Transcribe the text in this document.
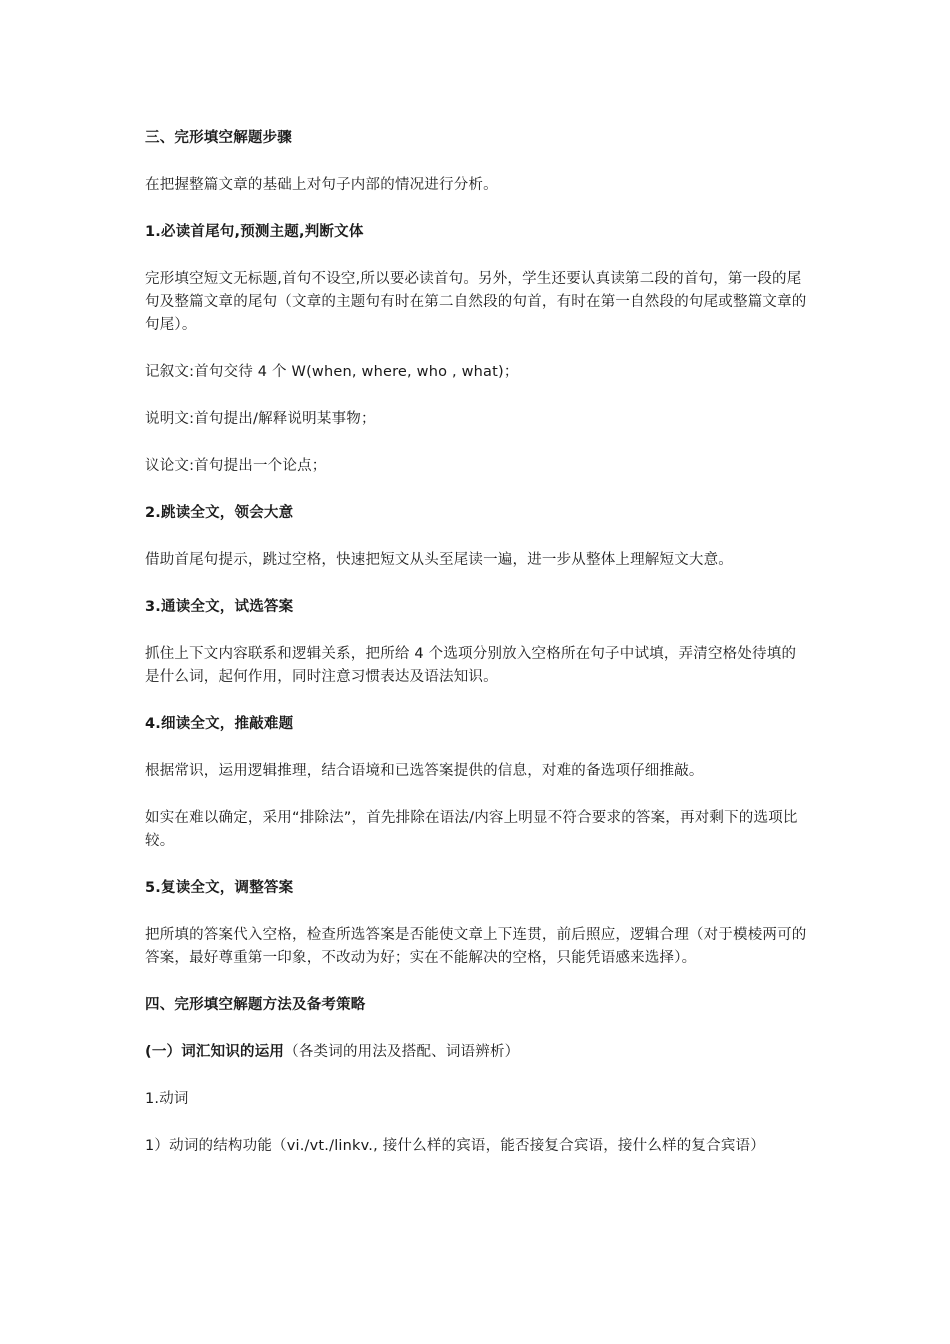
三、完形填空解题步骤

在把握整篇文章的基础上对句子内部的情况进行分析。

1.必读首尾句,预测主题,判断文体

完形填空短文无标题,首句不设空,所以要必读首句。另外，学生还要认真读第二段的首句，第一段的尾句及整篇文章的尾句（文章的主题句有时在第二自然段的句首，有时在第一自然段的句尾或整篇文章的句尾）。

记叙文:首句交待 4 个 W(when, where, who , what)；

说明文:首句提出/解释说明某事物；

议论文:首句提出一个论点；

2.跳读全文，领会大意

借助首尾句提示，跳过空格，快速把短文从头至尾读一遍，进一步从整体上理解短文大意。

3.通读全文，试选答案

抓住上下文内容联系和逻辑关系，把所给 4 个选项分别放入空格所在句子中试填，弄清空格处待填的是什么词，起何作用，同时注意习惯表达及语法知识。

4.细读全文，推敲难题

根据常识，运用逻辑推理，结合语境和已选答案提供的信息，对难的备选项仔细推敲。

如实在难以确定，采用“排除法”，首先排除在语法/内容上明显不符合要求的答案，再对剩下的选项比较。

5.复读全文，调整答案

把所填的答案代入空格，检查所选答案是否能使文章上下连贯，前后照应，逻辑合理（对于模棱两可的答案，最好尊重第一印象，不改动为好；实在不能解决的空格，只能凭语感来选择）。

四、完形填空解题方法及备考策略

(一）词汇知识的运用（各类词的用法及搭配、词语辨析）

1.动词

1）动词的结构功能（vi./vt./linkv., 接什么样的宾语，能否接复合宾语，接什么样的复合宾语）
